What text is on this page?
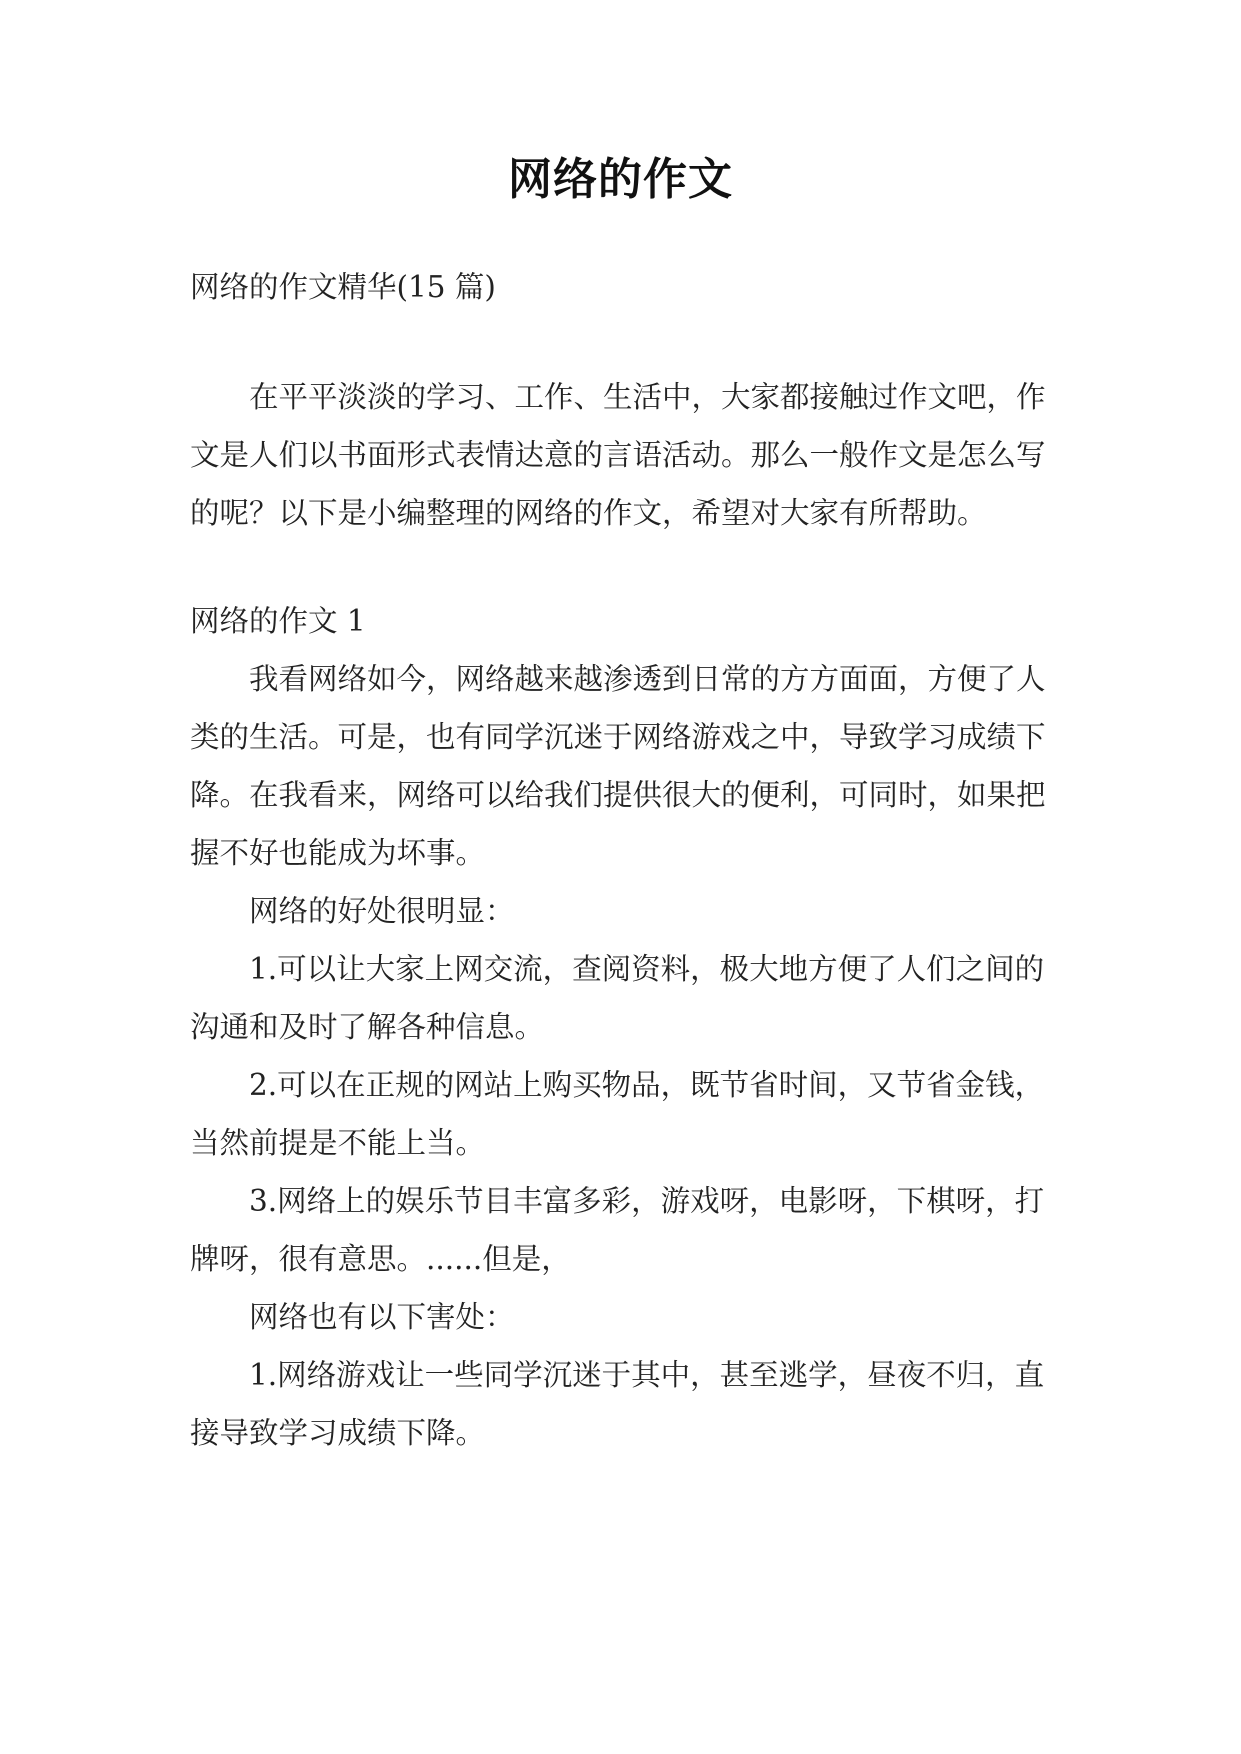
网络的作文

网络的作文精华(15 篇)

在平平淡淡的学习、工作、生活中，大家都接触过作文吧，作文是人们以书面形式表情达意的言语活动。那么一般作文是怎么写的呢？以下是小编整理的网络的作文，希望对大家有所帮助。

网络的作文 1

我看网络如今，网络越来越渗透到日常的方方面面，方便了人类的生活。可是，也有同学沉迷于网络游戏之中，导致学习成绩下降。在我看来，网络可以给我们提供很大的便利，可同时，如果把握不好也能成为坏事。

网络的好处很明显：

1.可以让大家上网交流，查阅资料，极大地方便了人们之间的沟通和及时了解各种信息。

2.可以在正规的网站上购买物品，既节省时间，又节省金钱，当然前提是不能上当。

3.网络上的娱乐节目丰富多彩，游戏呀，电影呀，下棋呀，打牌呀，很有意思。......但是，

网络也有以下害处：

1.网络游戏让一些同学沉迷于其中，甚至逃学，昼夜不归，直接导致学习成绩下降。
